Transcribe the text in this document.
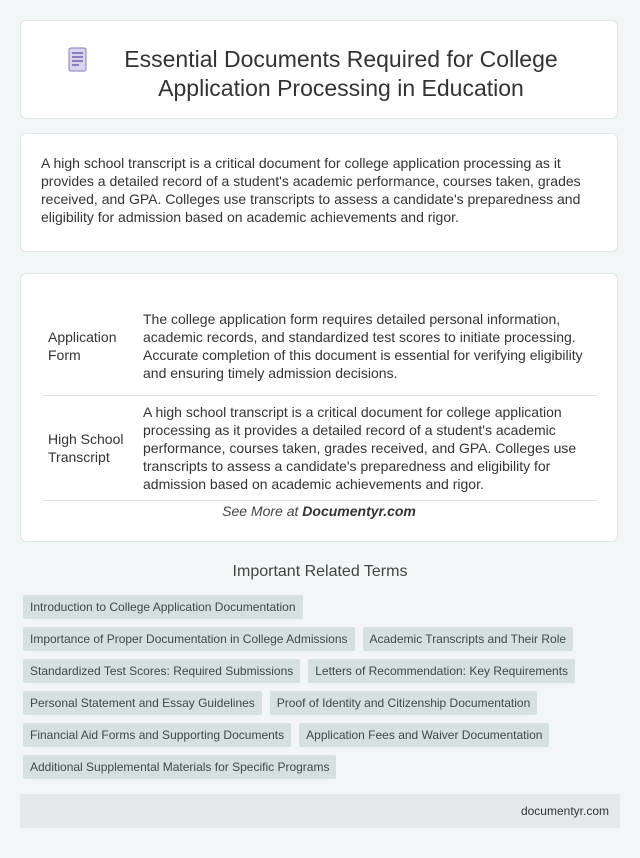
Essential Documents Required for College Application Processing in Education

A high school transcript is a critical document for college application processing as it provides a detailed record of a student's academic performance, courses taken, grades received, and GPA. Colleges use transcripts to assess a candidate's preparedness and eligibility for admission based on academic achievements and rigor.

Application Form	The college application form requires detailed personal information, academic records, and standardized test scores to initiate processing. Accurate completion of this document is essential for verifying eligibility and ensuring timely admission decisions.
High School Transcript	A high school transcript is a critical document for college application processing as it provides a detailed record of a student's academic performance, courses taken, grades received, and GPA. Colleges use transcripts to assess a candidate's preparedness and eligibility for admission based on academic achievements and rigor.
See More at Documentyr.com
Important Related Terms
Introduction to College Application Documentation
Importance of Proper Documentation in College Admissions	Academic Transcripts and Their Role
Standardized Test Scores: Required Submissions	Letters of Recommendation: Key Requirements
Personal Statement and Essay Guidelines	Proof of Identity and Citizenship Documentation
Financial Aid Forms and Supporting Documents	Application Fees and Waiver Documentation
Additional Supplemental Materials for Specific Programs
documentyr.com
